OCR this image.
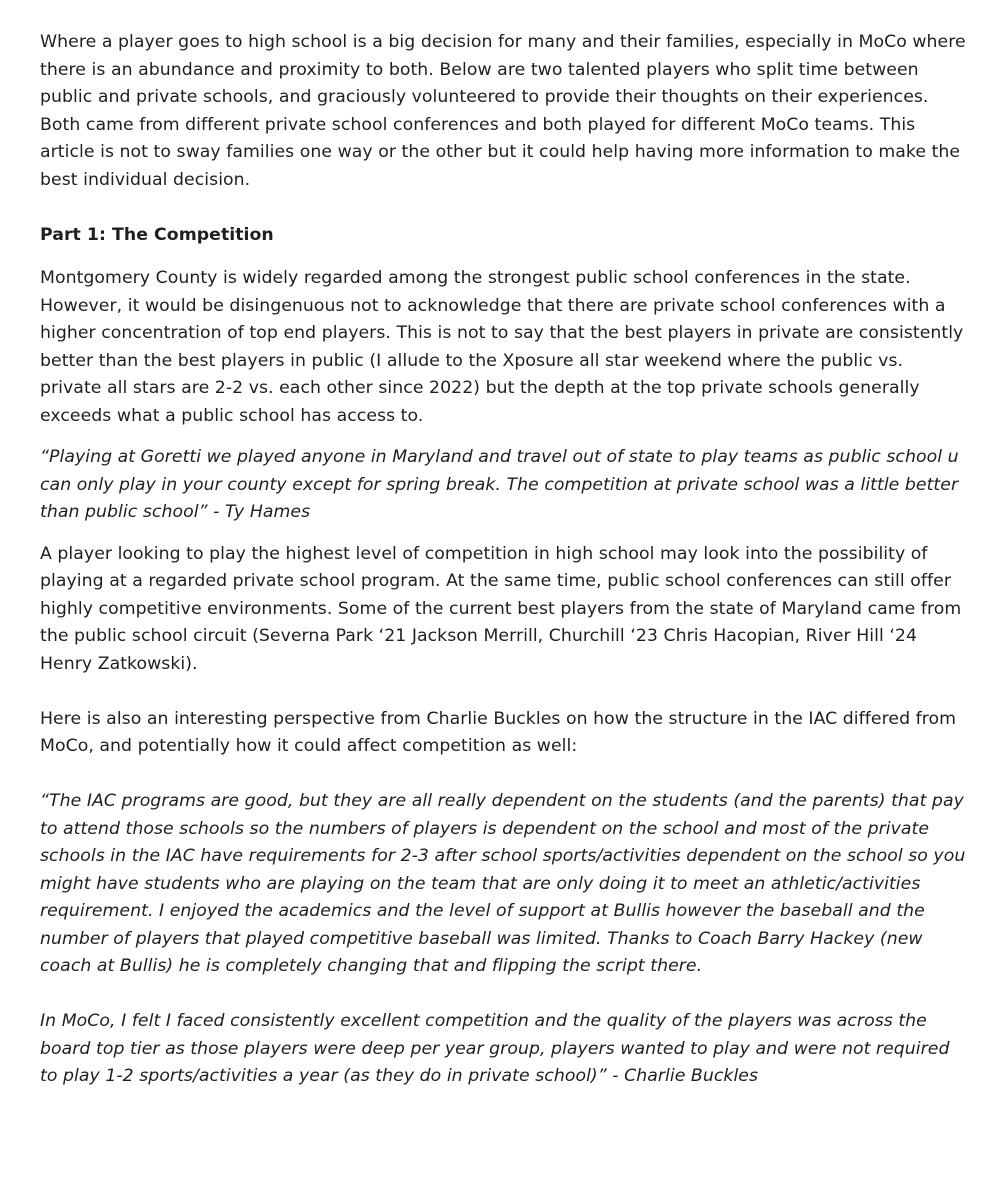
Where a player goes to high school is a big decision for many and their families, especially in MoCo where there is an abundance and proximity to both. Below are two talented players who split time between public and private schools, and graciously volunteered to provide their thoughts on their experiences. Both came from different private school conferences and both played for different MoCo teams. This article is not to sway families one way or the other but it could help having more information to make the best individual decision.

Part 1: The Competition

Montgomery County is widely regarded among the strongest public school conferences in the state. However, it would be disingenuous not to acknowledge that there are private school conferences with a higher concentration of top end players. This is not to say that the best players in private are consistently better than the best players in public (I allude to the Xposure all star weekend where the public vs. private all stars are 2-2 vs. each other since 2022) but the depth at the top private schools generally exceeds what a public school has access to.

“Playing at Goretti we played anyone in Maryland and travel out of state to play teams as public school u can only play in your county except for spring break. The competition at private school was a little better than public school” - Ty Hames

A player looking to play the highest level of competition in high school may look into the possibility of playing at a regarded private school program. At the same time, public school conferences can still offer highly competitive environments. Some of the current best players from the state of Maryland came from the public school circuit (Severna Park ‘21 Jackson Merrill, Churchill ‘23 Chris Hacopian, River Hill ‘24 Henry Zatkowski).

Here is also an interesting perspective from Charlie Buckles on how the structure in the IAC differed from MoCo, and potentially how it could affect competition as well:

“The IAC programs are good, but they are all really dependent on the students (and the parents) that pay to attend those schools so the numbers of players is dependent on the school and most of the private schools in the IAC have requirements for 2-3 after school sports/activities dependent on the school so you might have students who are playing on the team that are only doing it to meet an athletic/activities requirement. I enjoyed the academics and the level of support at Bullis however the baseball and the number of players that played competitive baseball was limited. Thanks to Coach Barry Hackey (new coach at Bullis) he is completely changing that and flipping the script there.

In MoCo, I felt I faced consistently excellent competition and the quality of the players was across the board top tier as those players were deep per year group, players wanted to play and were not required to play 1-2 sports/activities a year (as they do in private school)” - Charlie Buckles
